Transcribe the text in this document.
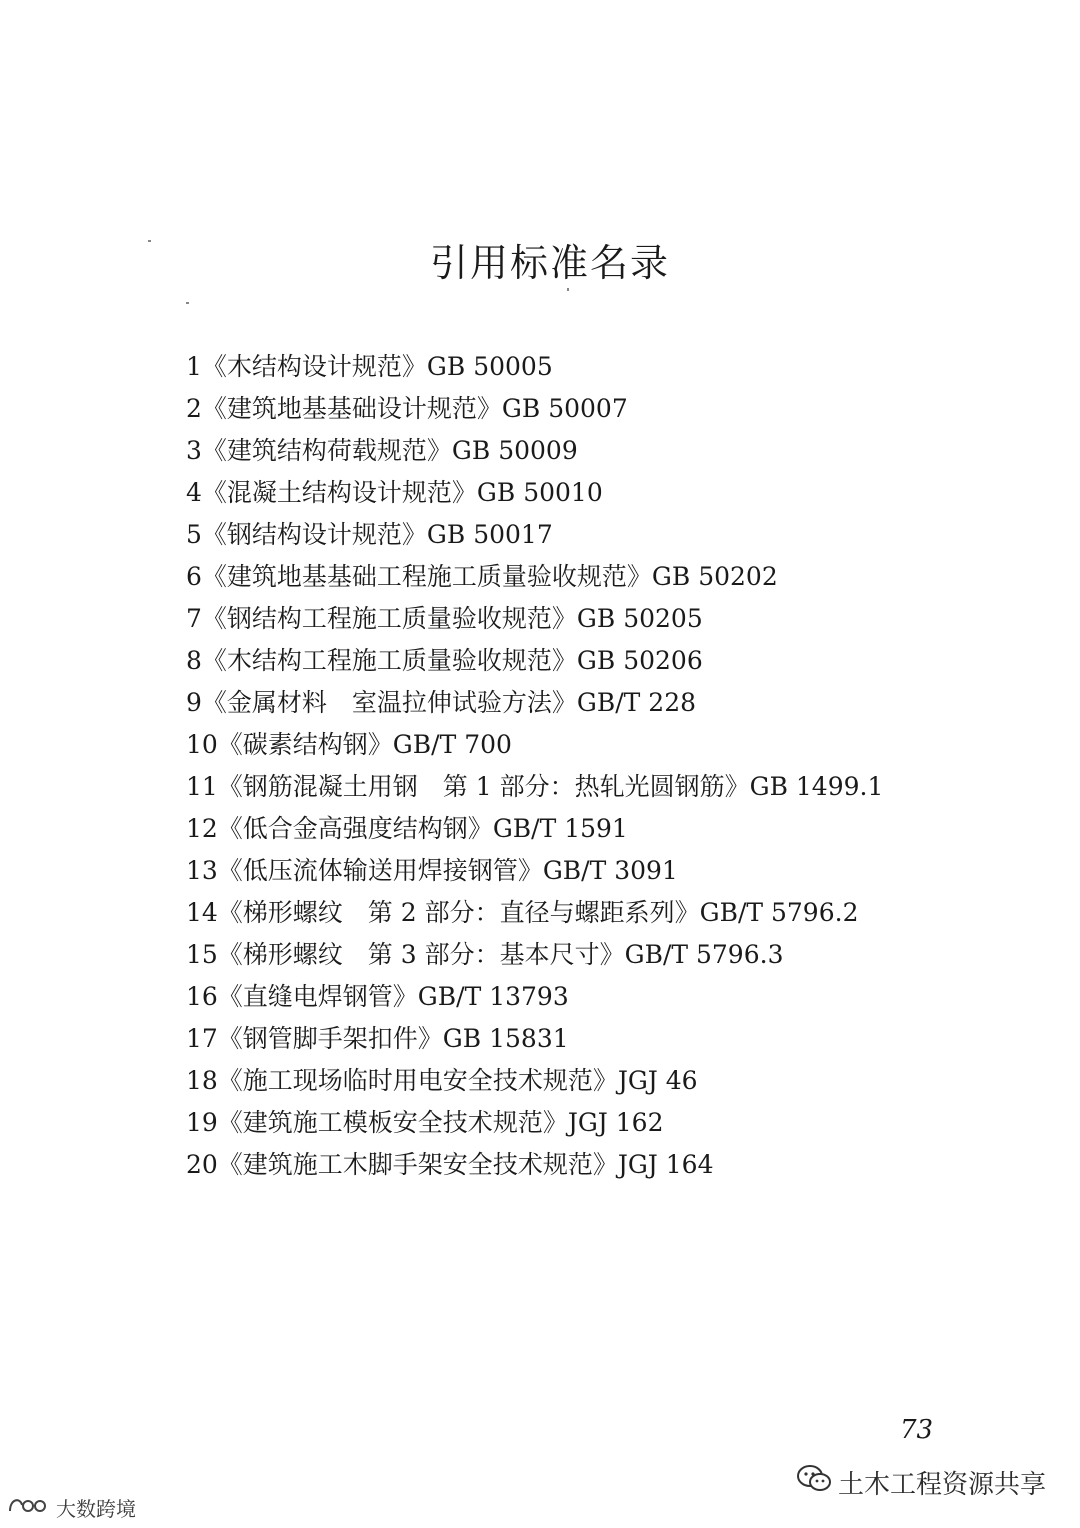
引用标准名录
1《木结构设计规范》GB 50005
2《建筑地基基础设计规范》GB 50007
3《建筑结构荷载规范》GB 50009
4《混凝土结构设计规范》GB 50010
5《钢结构设计规范》GB 50017
6《建筑地基基础工程施工质量验收规范》GB 50202
7《钢结构工程施工质量验收规范》GB 50205
8《木结构工程施工质量验收规范》GB 50206
9《金属材料　室温拉伸试验方法》GB/T 228
10《碳素结构钢》GB/T 700
11《钢筋混凝土用钢　第 1 部分：热轧光圆钢筋》GB 1499.1
12《低合金高强度结构钢》GB/T 1591
13《低压流体输送用焊接钢管》GB/T 3091
14《梯形螺纹　第 2 部分：直径与螺距系列》GB/T 5796.2
15《梯形螺纹　第 3 部分：基本尺寸》GB/T 5796.3
16《直缝电焊钢管》GB/T 13793
17《钢管脚手架扣件》GB 15831
18《施工现场临时用电安全技术规范》JGJ 46
19《建筑施工模板安全技术规范》JGJ 162
20《建筑施工木脚手架安全技术规范》JGJ 164
73
土木工程资源共享
大数跨境
